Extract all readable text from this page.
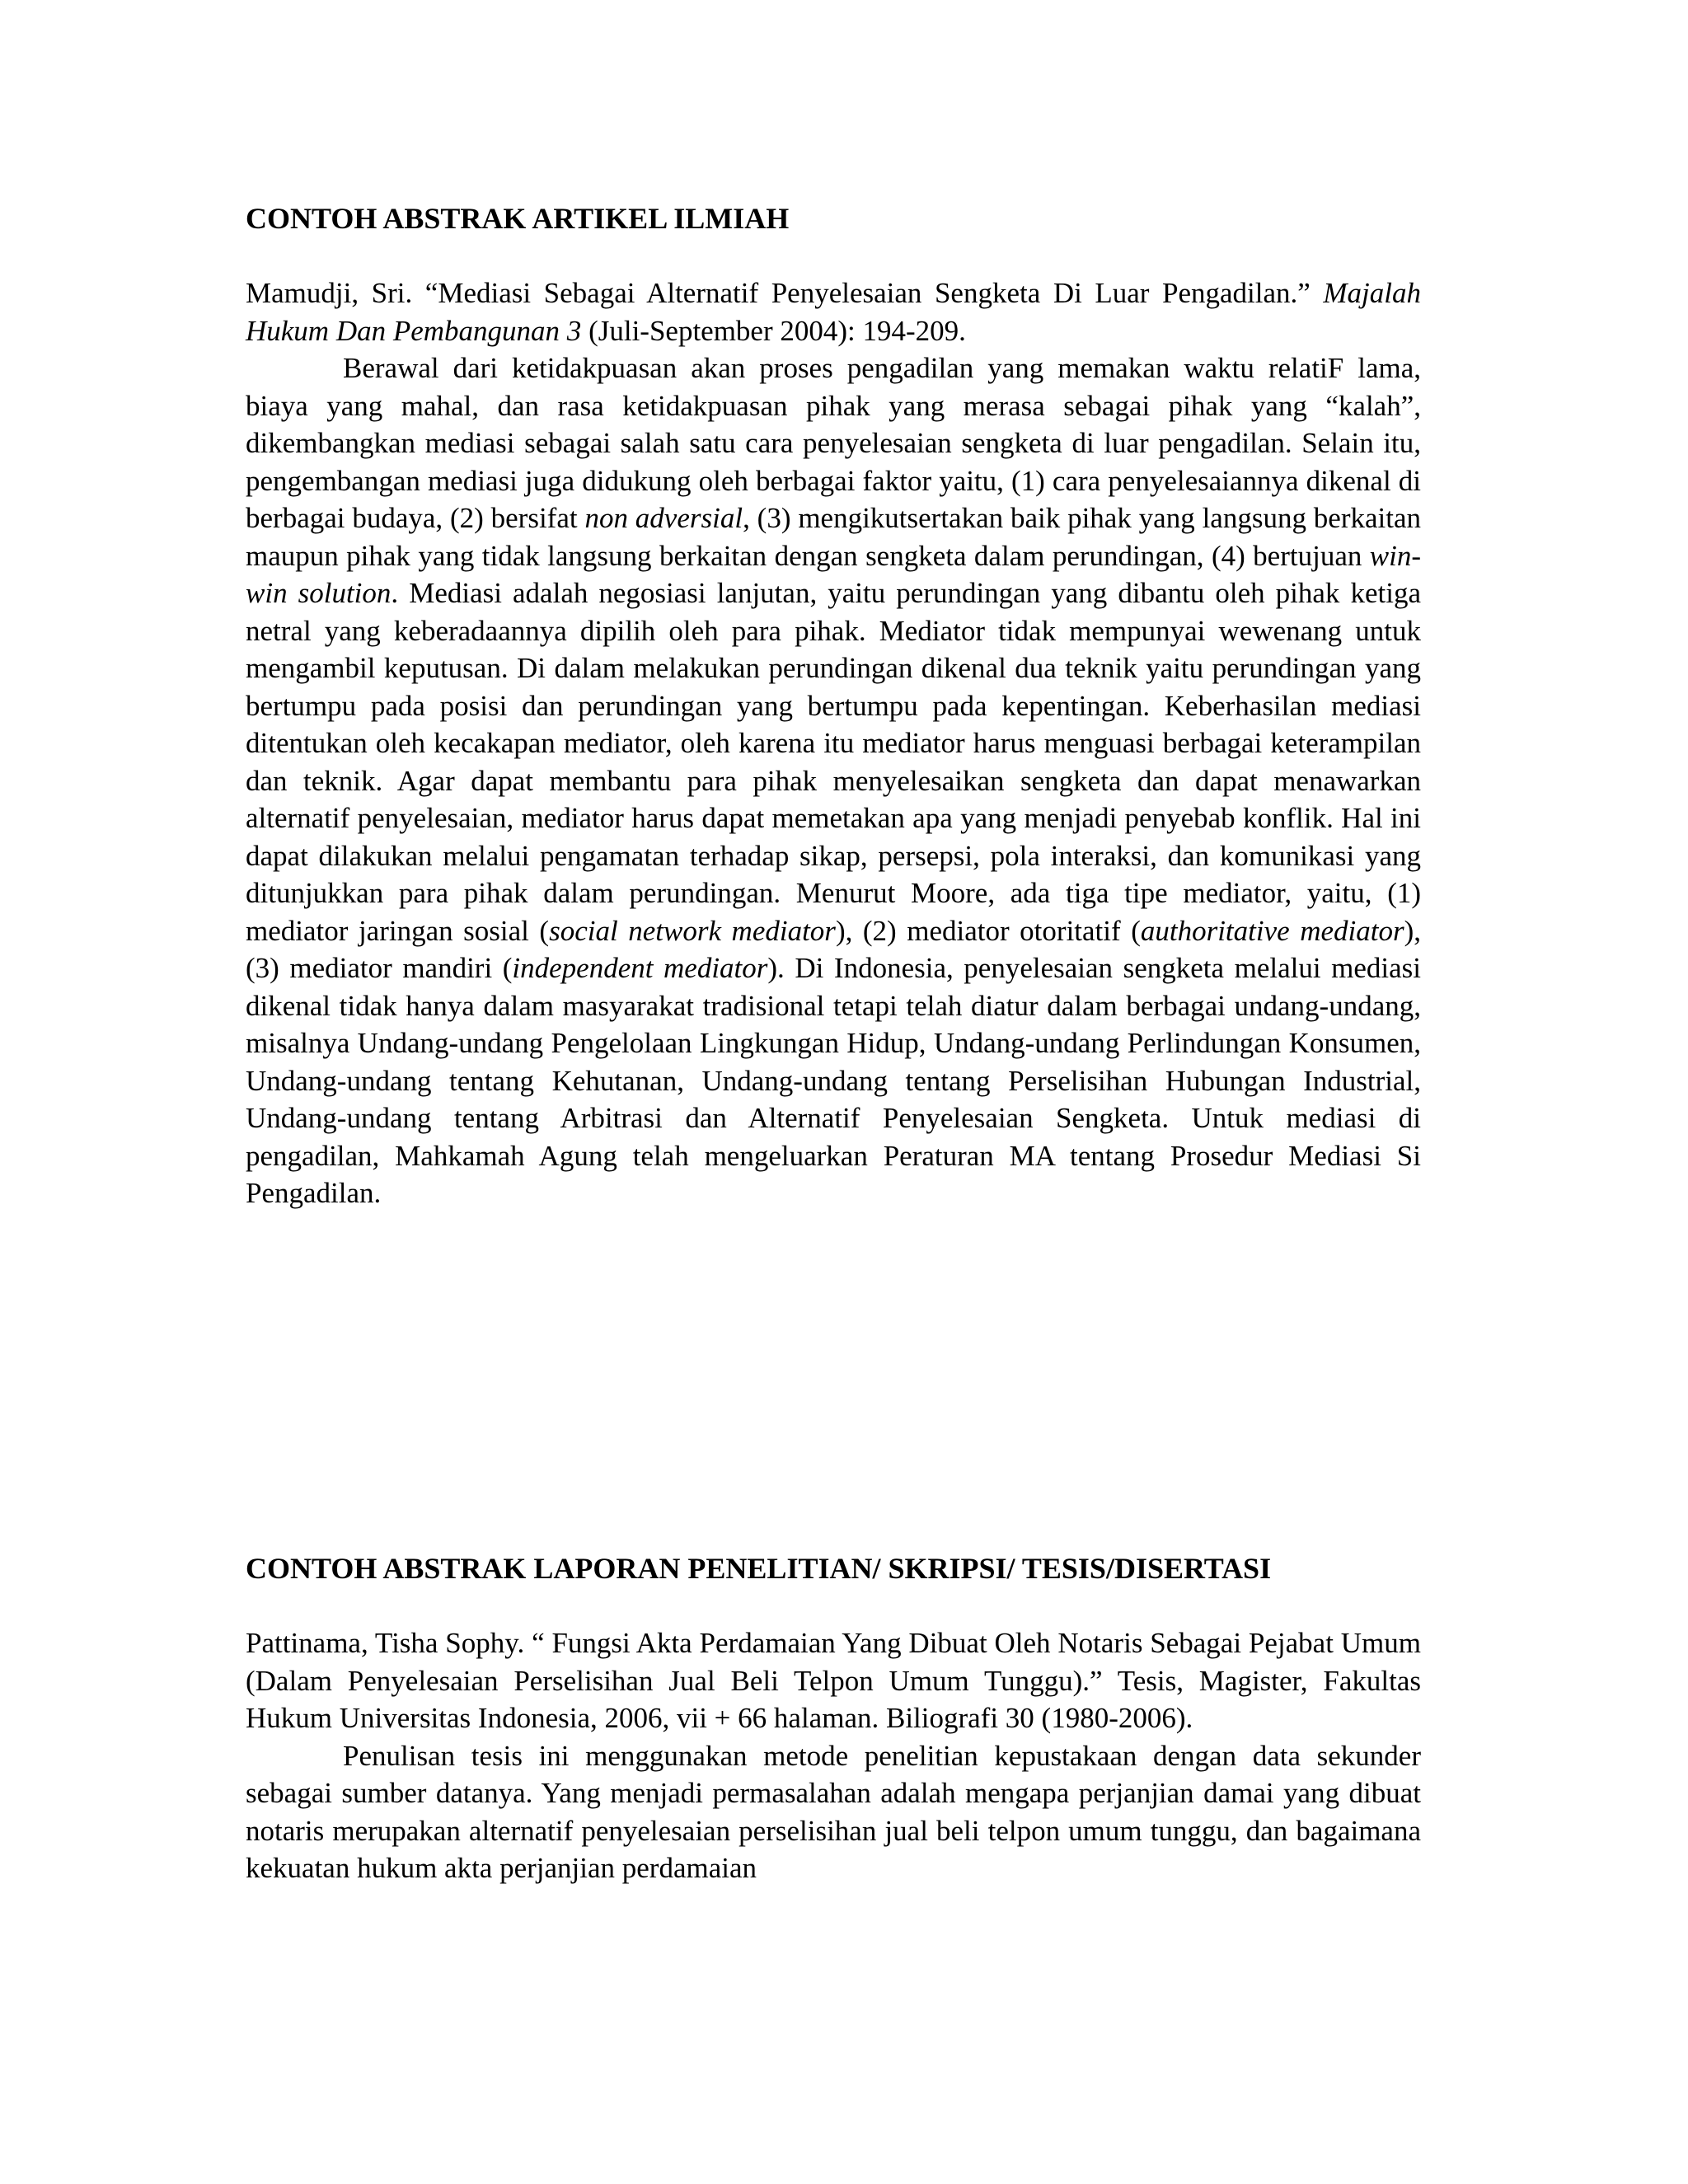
CONTOH ABSTRAK ARTIKEL ILMIAH

Mamudji, Sri. “Mediasi Sebagai Alternatif Penyelesaian Sengketa Di Luar Pengadilan.” Majalah Hukum Dan Pembangunan 3 (Juli-September 2004): 194-209.

Berawal dari ketidakpuasan akan proses pengadilan yang memakan waktu relatiF lama, biaya yang mahal, dan rasa ketidakpuasan pihak yang merasa sebagai pihak yang “kalah”, dikembangkan mediasi sebagai salah satu cara penyelesaian sengketa di luar pengadilan. Selain itu, pengembangan mediasi juga didukung oleh berbagai faktor yaitu, (1) cara penyelesaiannya dikenal di berbagai budaya, (2) bersifat non adversial, (3) mengikutsertakan baik pihak yang langsung berkaitan maupun pihak yang tidak langsung berkaitan dengan sengketa dalam perundingan, (4) bertujuan win-win solution. Mediasi adalah negosiasi lanjutan, yaitu perundingan yang dibantu oleh pihak ketiga netral yang keberadaannya dipilih oleh para pihak. Mediator tidak mempunyai wewenang untuk mengambil keputusan. Di dalam melakukan perundingan dikenal dua teknik yaitu perundingan yang bertumpu pada posisi dan perundingan yang bertumpu pada kepentingan. Keberhasilan mediasi ditentukan oleh kecakapan mediator, oleh karena itu mediator harus menguasi berbagai keterampilan dan teknik. Agar dapat membantu para pihak menyelesaikan sengketa dan dapat menawarkan alternatif penyelesaian, mediator harus dapat memetakan apa yang menjadi penyebab konflik. Hal ini dapat dilakukan melalui pengamatan terhadap sikap, persepsi, pola interaksi, dan komunikasi yang ditunjukkan para pihak dalam perundingan. Menurut Moore, ada tiga tipe mediator, yaitu, (1) mediator jaringan sosial (social network mediator), (2) mediator otoritatif (authoritative mediator), (3) mediator mandiri (independent mediator). Di Indonesia, penyelesaian sengketa melalui mediasi dikenal tidak hanya dalam masyarakat tradisional tetapi telah diatur dalam berbagai undang-undang, misalnya Undang-undang Pengelolaan Lingkungan Hidup, Undang-undang Perlindungan Konsumen, Undang-undang tentang Kehutanan, Undang-undang tentang Perselisihan Hubungan Industrial, Undang-undang tentang Arbitrasi dan Alternatif Penyelesaian Sengketa. Untuk mediasi di pengadilan, Mahkamah Agung telah mengeluarkan Peraturan MA tentang Prosedur Mediasi Si Pengadilan.

CONTOH ABSTRAK LAPORAN PENELITIAN/ SKRIPSI/ TESIS/DISERTASI

Pattinama, Tisha Sophy. “ Fungsi Akta Perdamaian Yang Dibuat Oleh Notaris Sebagai Pejabat Umum (Dalam Penyelesaian Perselisihan Jual Beli Telpon Umum Tunggu).” Tesis, Magister, Fakultas Hukum Universitas Indonesia, 2006, vii + 66 halaman. Biliografi 30 (1980-2006).

Penulisan tesis ini menggunakan metode penelitian kepustakaan dengan data sekunder sebagai sumber datanya. Yang menjadi permasalahan adalah mengapa perjanjian damai yang dibuat notaris merupakan alternatif penyelesaian perselisihan jual beli telpon umum tunggu, dan bagaimana kekuatan hukum akta perjanjian perdamaian
